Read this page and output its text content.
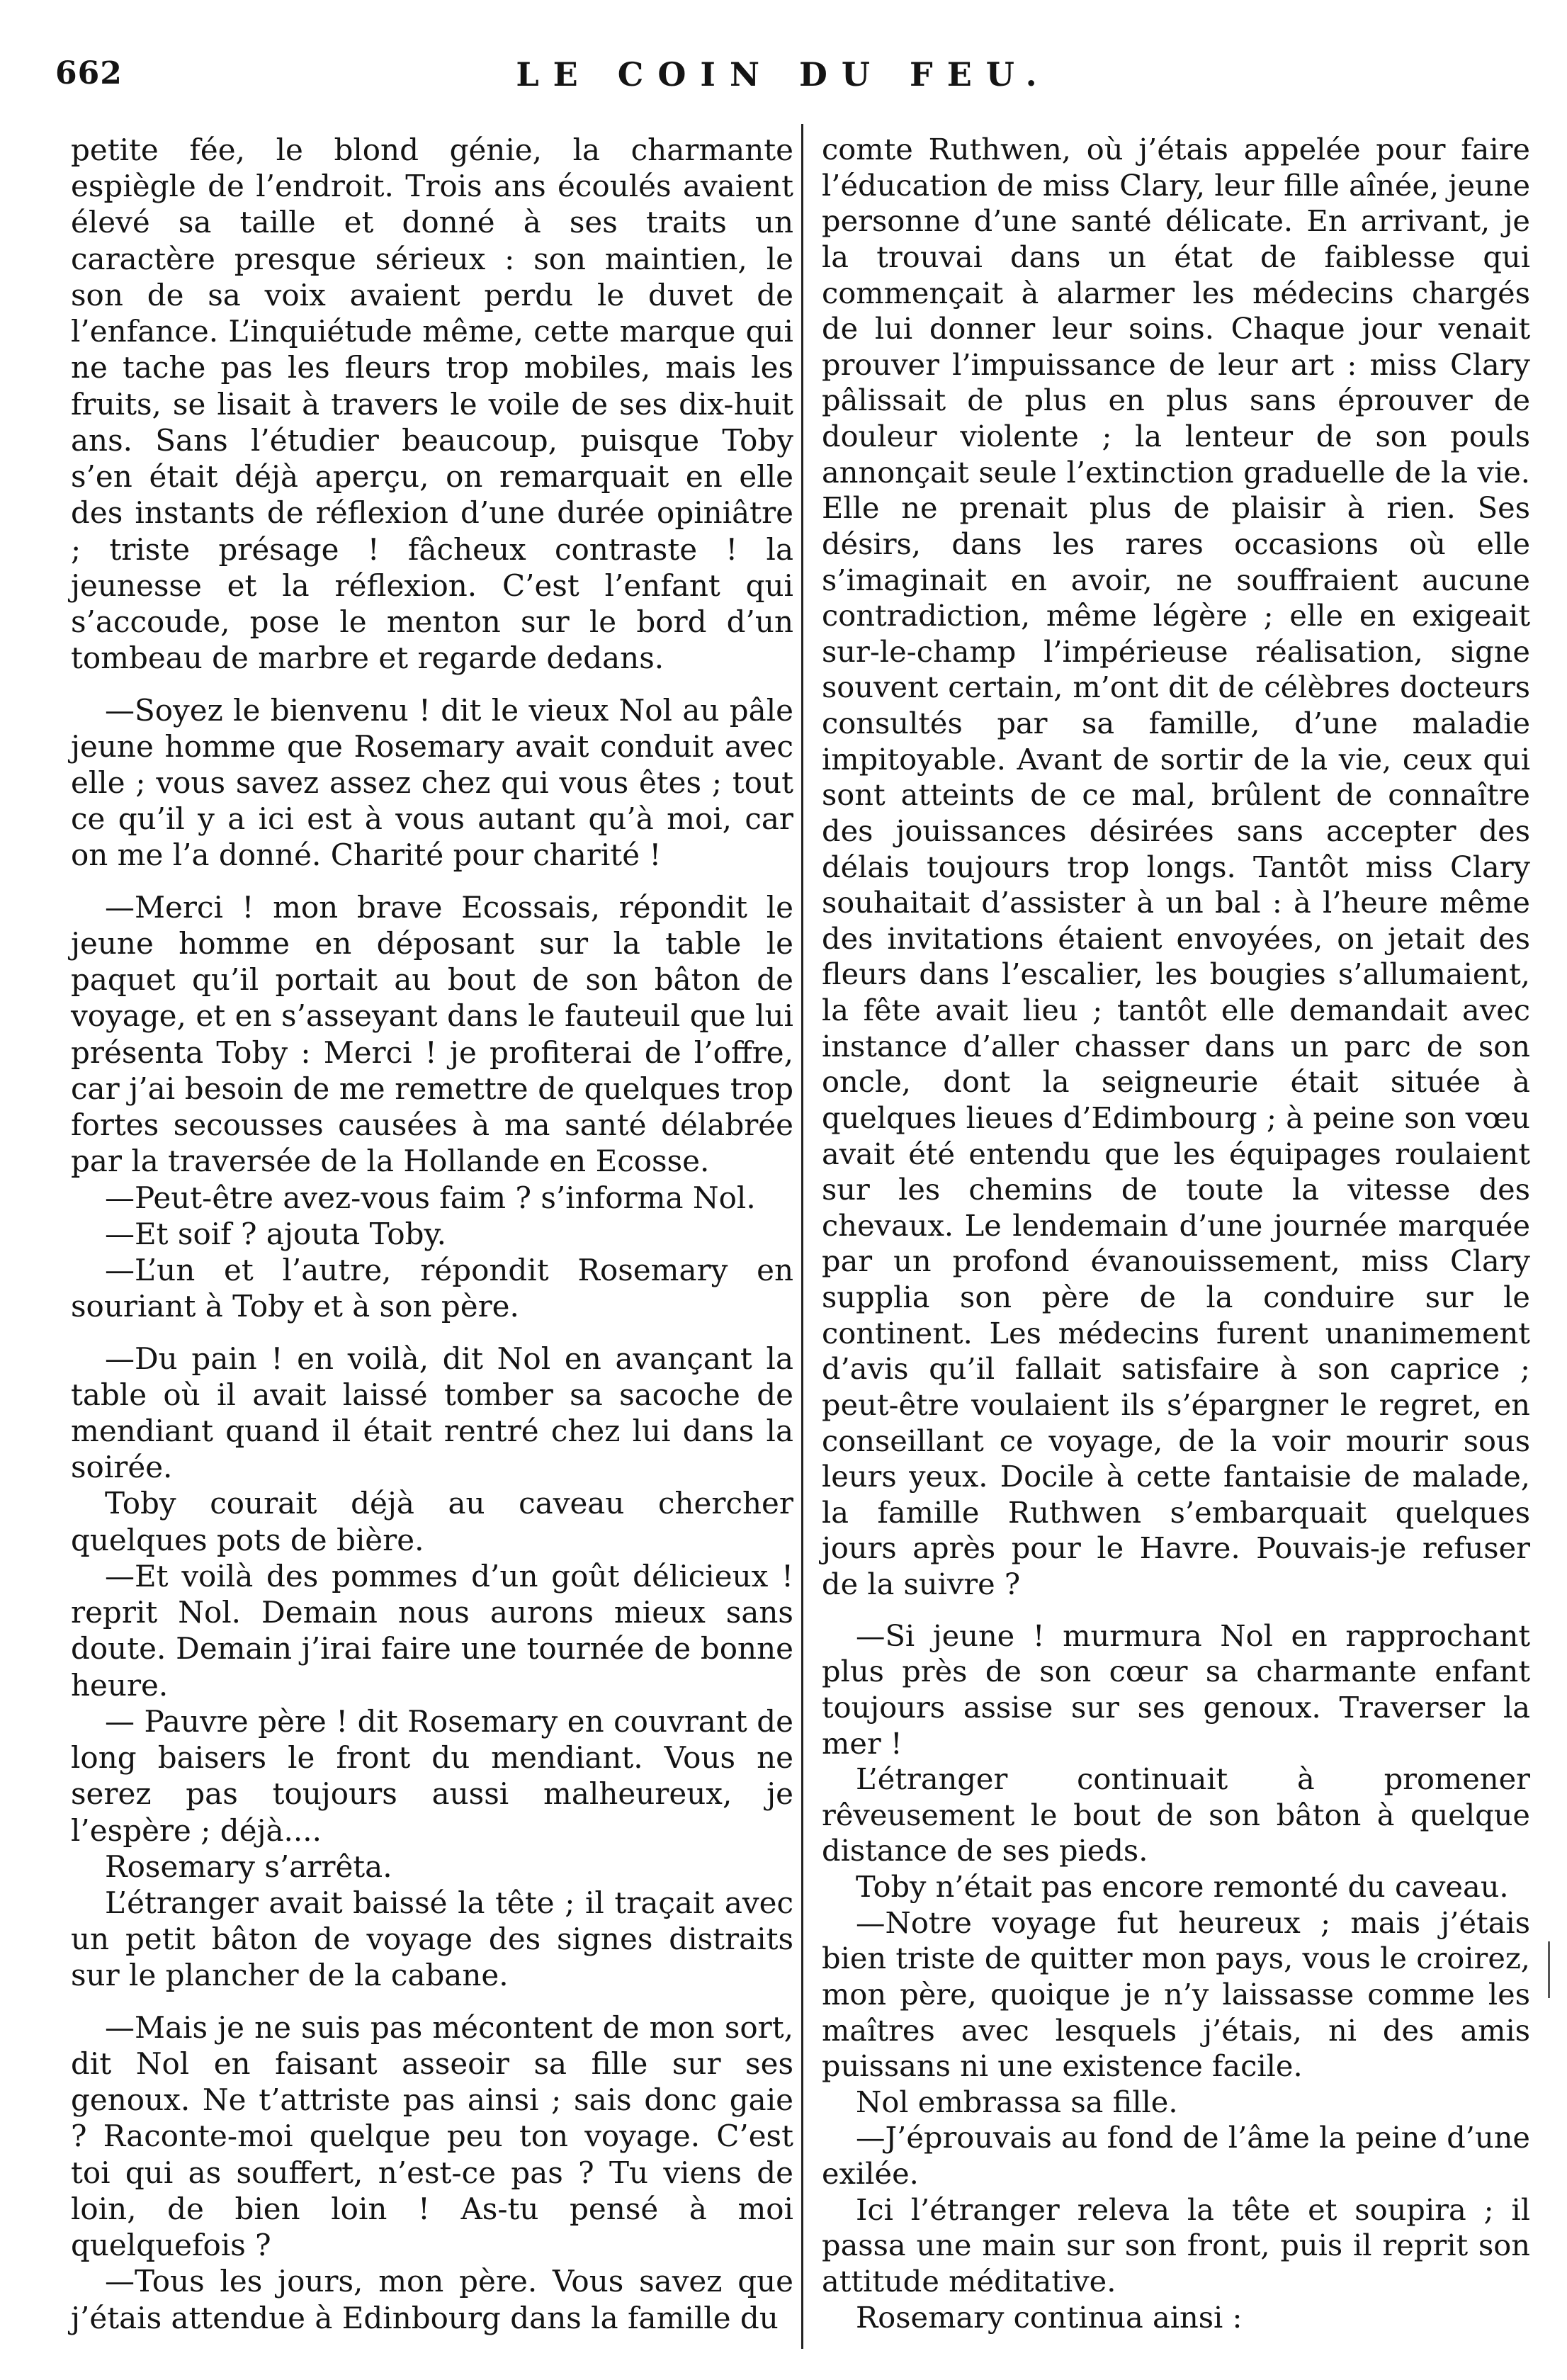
662	LE COIN DU FEU.

petite fée, le blond génie, la charmante espiègle de l’endroit. Trois ans écoulés avaient élevé sa taille et donné à ses traits un caractère presque sérieux : son maintien, le son de sa voix avaient perdu le duvet de l’enfance. L’inquiétude même, cette marque qui ne tache pas les fleurs trop mobiles, mais les fruits, se lisait à travers le voile de ses dix-huit ans. Sans l’étudier beaucoup, puisque Toby s’en était déjà aperçu, on remarquait en elle des instants de réflexion d’une durée opiniâtre ; triste présage ! fâcheux contraste ! la jeunesse et la réflexion. C’est l’enfant qui s’accoude, pose le menton sur le bord d’un tombeau de marbre et regarde dedans.

—Soyez le bienvenu ! dit le vieux Nol au pâle jeune homme que Rosemary avait conduit avec elle ; vous savez assez chez qui vous êtes ; tout ce qu’il y a ici est à vous autant qu’à moi, car on me l’a donné. Charité pour charité !

—Merci ! mon brave Ecossais, répondit le jeune homme en déposant sur la table le paquet qu’il portait au bout de son bâton de voyage, et en s’asseyant dans le fauteuil que lui présenta Toby : Merci ! je profiterai de l’offre, car j’ai besoin de me remettre de quelques trop fortes secousses causées à ma santé délabrée par la traversée de la Hollande en Ecosse.

—Peut-être avez-vous faim ? s’informa Nol.

—Et soif ? ajouta Toby.

—L’un et l’autre, répondit Rosemary en souriant à Toby et à son père.

—Du pain ! en voilà, dit Nol en avançant la table où il avait laissé tomber sa sacoche de mendiant quand il était rentré chez lui dans la soirée.

Toby courait déjà au caveau chercher quelques pots de bière.

—Et voilà des pommes d’un goût délicieux ! reprit Nol. Demain nous aurons mieux sans doute. Demain j’irai faire une tournée de bonne heure.

— Pauvre père ! dit Rosemary en couvrant de long baisers le front du mendiant. Vous ne serez pas toujours aussi malheureux, je l’espère ; déjà....

Rosemary s’arrêta.

L’étranger avait baissé la tête ; il traçait avec un petit bâton de voyage des signes distraits sur le plancher de la cabane.

—Mais je ne suis pas mécontent de mon sort, dit Nol en faisant asseoir sa fille sur ses genoux. Ne t’attriste pas ainsi ; sais donc gaie ? Raconte-moi quelque peu ton voyage. C’est toi qui as souffert, n’est-ce pas ? Tu viens de loin, de bien loin ! As-tu pensé à moi quelquefois ?

—Tous les jours, mon père. Vous savez que j’étais attendue à Edinbourg dans la famille du

comte Ruthwen, où j’étais appelée pour faire l’éducation de miss Clary, leur fille aînée, jeune personne d’une santé délicate. En arrivant, je la trouvai dans un état de faiblesse qui commençait à alarmer les médecins chargés de lui donner leur soins. Chaque jour venait prouver l’impuissance de leur art : miss Clary pâlissait de plus en plus sans éprouver de douleur violente ; la lenteur de son pouls annonçait seule l’extinction graduelle de la vie. Elle ne prenait plus de plaisir à rien. Ses désirs, dans les rares occasions où elle s’imaginait en avoir, ne souffraient aucune contradiction, même légère ; elle en exigeait sur-le-champ l’impérieuse réalisation, signe souvent certain, m’ont dit de célèbres docteurs consultés par sa famille, d’une maladie impitoyable. Avant de sortir de la vie, ceux qui sont atteints de ce mal, brûlent de connaître des jouissances désirées sans accepter des délais toujours trop longs. Tantôt miss Clary souhaitait d’assister à un bal : à l’heure même des invitations étaient envoyées, on jetait des fleurs dans l’escalier, les bougies s’allumaient, la fête avait lieu ; tantôt elle demandait avec instance d’aller chasser dans un parc de son oncle, dont la seigneurie était située à quelques lieues d’Edimbourg ; à peine son vœu avait été entendu que les équipages roulaient sur les chemins de toute la vitesse des chevaux. Le lendemain d’une journée marquée par un profond évanouissement, miss Clary supplia son père de la conduire sur le continent. Les médecins furent unanimement d’avis qu’il fallait satisfaire à son caprice ; peut-être voulaient ils s’épargner le regret, en conseillant ce voyage, de la voir mourir sous leurs yeux. Docile à cette fantaisie de malade, la famille Ruthwen s’embarquait quelques jours après pour le Havre. Pouvais-je refuser de la suivre ?

—Si jeune ! murmura Nol en rapprochant plus près de son cœur sa charmante enfant toujours assise sur ses genoux. Traverser la mer !

L’étranger continuait à promener rêveusement le bout de son bâton à quelque distance de ses pieds.

Toby n’était pas encore remonté du caveau.

—Notre voyage fut heureux ; mais j’étais bien triste de quitter mon pays, vous le croirez, mon père, quoique je n’y laissasse comme les maîtres avec lesquels j’étais, ni des amis puissans ni une existence facile.

Nol embrassa sa fille.

—J’éprouvais au fond de l’âme la peine d’une exilée.

Ici l’étranger releva la tête et soupira ; il passa une main sur son front, puis il reprit son attitude méditative.

Rosemary continua ainsi :
